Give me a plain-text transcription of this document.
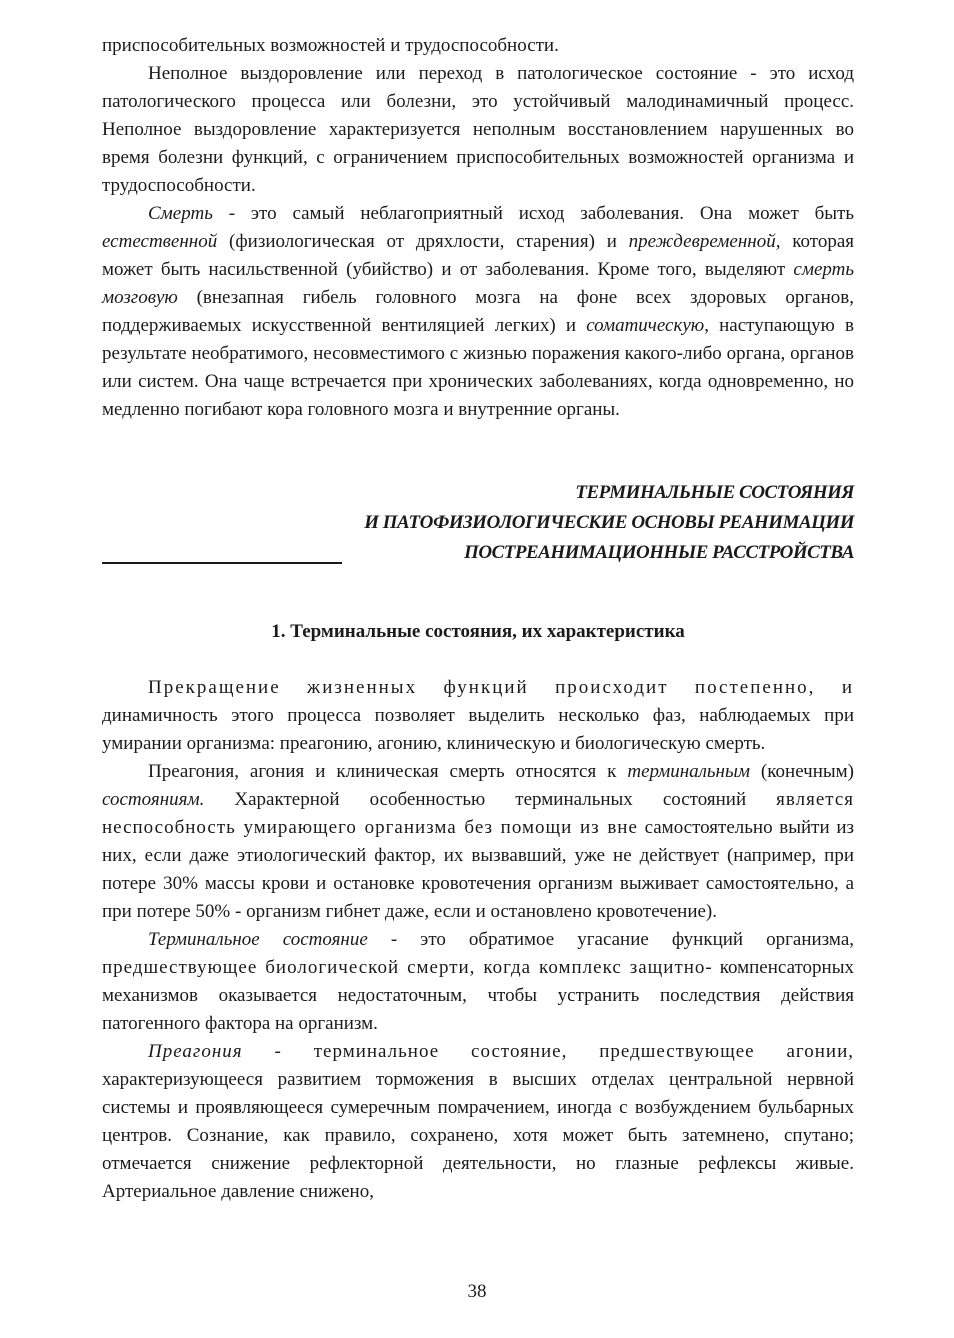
приспособительных возможностей и трудоспособности.

Неполное выздоровление или переход в патологическое состояние - это исход патологического процесса или болезни, это устойчивый малодинамичный процесс. Неполное выздоровление характеризуется неполным восстановлением нарушенных во время болезни функций, с ограничением приспособительных возможностей организма и трудоспособности.

Смерть - это самый неблагоприятный исход заболевания. Она может быть естественной (физиологическая от дряхлости, старения) и преждевременной, которая может быть насильственной (убийство) и от заболевания. Кроме того, выделяют смерть мозговую (внезапная гибель головного мозга на фоне всех здоровых органов, поддерживаемых искусственной вентиляцией легких) и соматическую, наступающую в результате необратимого, несовместимого с жизнью поражения какого-либо органа, органов или систем. Она чаще встречается при хронических заболеваниях, когда одновременно, но медленно погибают кора головного мозга и внутренние органы.

ТЕРМИНАЛЬНЫЕ СОСТОЯНИЯ
И ПАТОФИЗИОЛОГИЧЕСКИЕ ОСНОВЫ РЕАНИМАЦИИ
ПОСТРЕАНИМАЦИОННЫЕ РАССТРОЙСТВА
1. Терминальные состояния, их характеристика

Прекращение жизненных функций происходит постепенно, и

динамичность этого процесса позволяет выделить несколько фаз, наблюдаемых при умирании организма: преагонию, агонию, клиническую и биологическую смерть.

Преагония, агония и клиническая смерть относятся к терминальным (конечным) состояниям. Характерной особенностью терминальных состояний является неспособность умирающего организма без помощи из вне самостоятельно выйти из них, если даже этиологический фактор, их вызвавший, уже не действует (например, при потере 30% массы крови и остановке кровотечения организм выживает самостоятельно, а при потере 50% - организм гибнет даже, если и остановлено кровотечение).

Терминальное состояние - это обратимое угасание функций организма, предшествующее биологической смерти, когда комплекс защитно- компенсаторных механизмов оказывается недостаточным, чтобы устранить последствия действия патогенного фактора на организм.

Преагония - терминальное состояние, предшествующее агонии, характеризующееся развитием торможения в высших отделах центральной нервной системы и проявляющееся сумеречным помрачением, иногда с возбуждением бульбарных центров. Сознание, как правило, сохранено, хотя может быть затемнено, спутано; отмечается снижение рефлекторной деятельности, но глазные рефлексы живые. Артериальное давление снижено,

38
